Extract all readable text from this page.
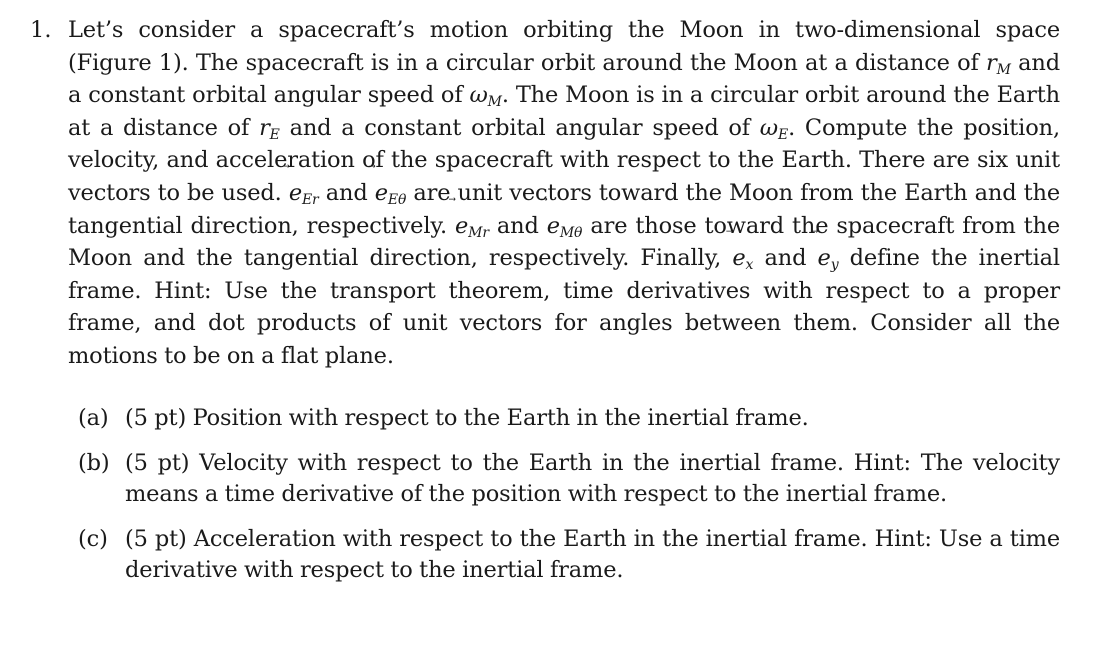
1. Let’s consider a spacecraft’s motion orbiting the Moon in two-dimensional space (Figure 1). The spacecraft is in a circular orbit around the Moon at a distance of $r_M$ and a constant orbital angular speed of $\omega_M$. The Moon is in a circular orbit around the Earth at a distance of $r_E$ and a constant orbital angular speed of $\omega_E$. Compute the position, velocity, and acceleration of the spacecraft with respect to the Earth. There are six unit vectors to be used. e
$_{Er}$ and e
$_{E\theta}$ are unit vectors toward the Moon from the Earth and the tangential direction, respectively. e
$_{Mr}$ and e
$_{M\theta}$ are those toward the spacecraft from the Moon and the tangential direction, respectively. Finally, e
$_x$ and e
$_y$ define the inertial frame. Hint: Use the transport theorem, time derivatives with respect to a proper frame, and dot products of unit vectors for angles between them. Consider all the motions to be on a flat plane.
(a) (5 pt) Position with respect to the Earth in the inertial frame.
(b) (5 pt) Velocity with respect to the Earth in the inertial frame. Hint: The velocity means a time derivative of the position with respect to the inertial frame.
(c) (5 pt) Acceleration with respect to the Earth in the inertial frame. Hint: Use a time derivative with respect to the inertial frame.
